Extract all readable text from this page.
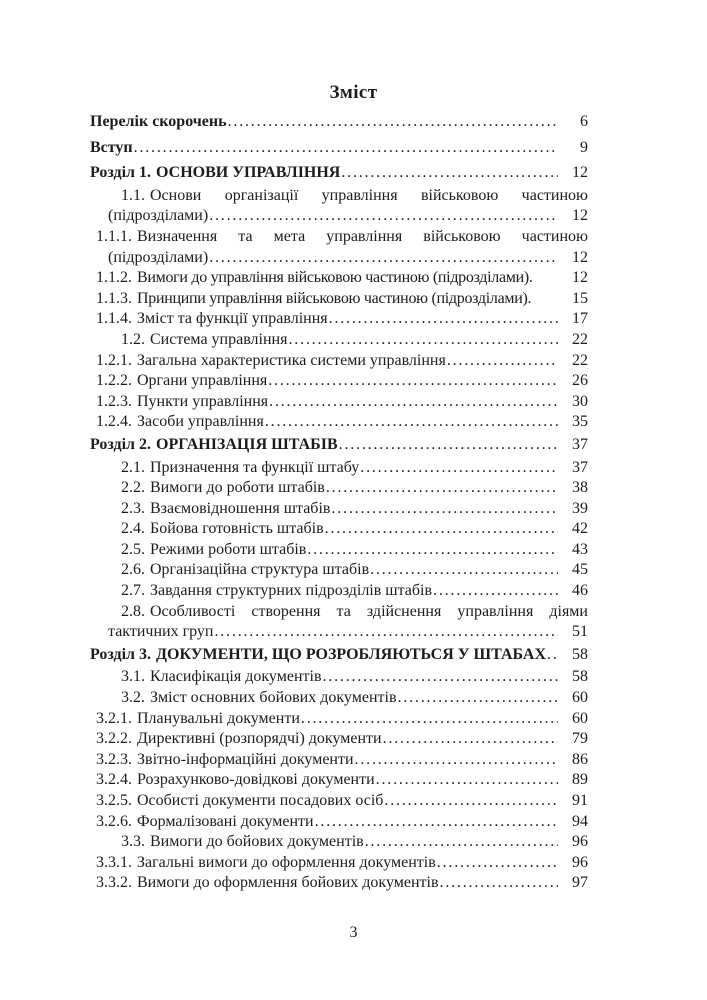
Зміст
Перелік скорочень .....	6
Вступ .....	9
Розділ 1. ОСНОВИ УПРАВЛІННЯ .....	12
1.1. Основи організації управління військовою частиною
(підрозділами) .....	12
1.1.1. Визначення та мета управління військовою частиною
(підрозділами) .....	12
1.1.2. Вимоги до управління військовою частиною (підрозділами).	12
1.1.3. Принципи управління військовою частиною (підрозділами).	15
1.1.4. Зміст та функції управління .....	17
1.2. Система управління .....	22
1.2.1. Загальна характеристика системи управління .....	22
1.2.2. Органи управління .....	26
1.2.3. Пункти управління .....	30
1.2.4. Засоби управління .....	35
Розділ 2. ОРГАНІЗАЦІЯ ШТАБІВ .....	37
2.1. Призначення та функції штабу .....	37
2.2. Вимоги до роботи штабів .....	38
2.3. Взаємовідношення штабів .....	39
2.4. Бойова готовність штабів .....	42
2.5. Режими роботи штабів .....	43
2.6. Організаційна структура штабів .....	45
2.7. Завдання структурних підрозділів штабів .....	46
2.8. Особливості створення та здійснення управління діями
тактичних груп .....	51
Розділ 3. ДОКУМЕНТИ, ЩО РОЗРОБЛЯЮТЬСЯ У ШТАБАХ .....	58
3.1. Класифікація документів .....	58
3.2. Зміст основних бойових документів .....	60
3.2.1. Планувальні документи .....	60
3.2.2. Директивні (розпорядчі) документи .....	79
3.2.3. Звітно-інформаційні документи .....	86
3.2.4. Розрахунково-довідкові документи .....	89
3.2.5. Особисті документи посадових осіб .....	91
3.2.6. Формалізовані документи .....	94
3.3. Вимоги до бойових документів .....	96
3.3.1. Загальні вимоги до оформлення документів .....	96
3.3.2. Вимоги до оформлення бойових документів .....	97
3
